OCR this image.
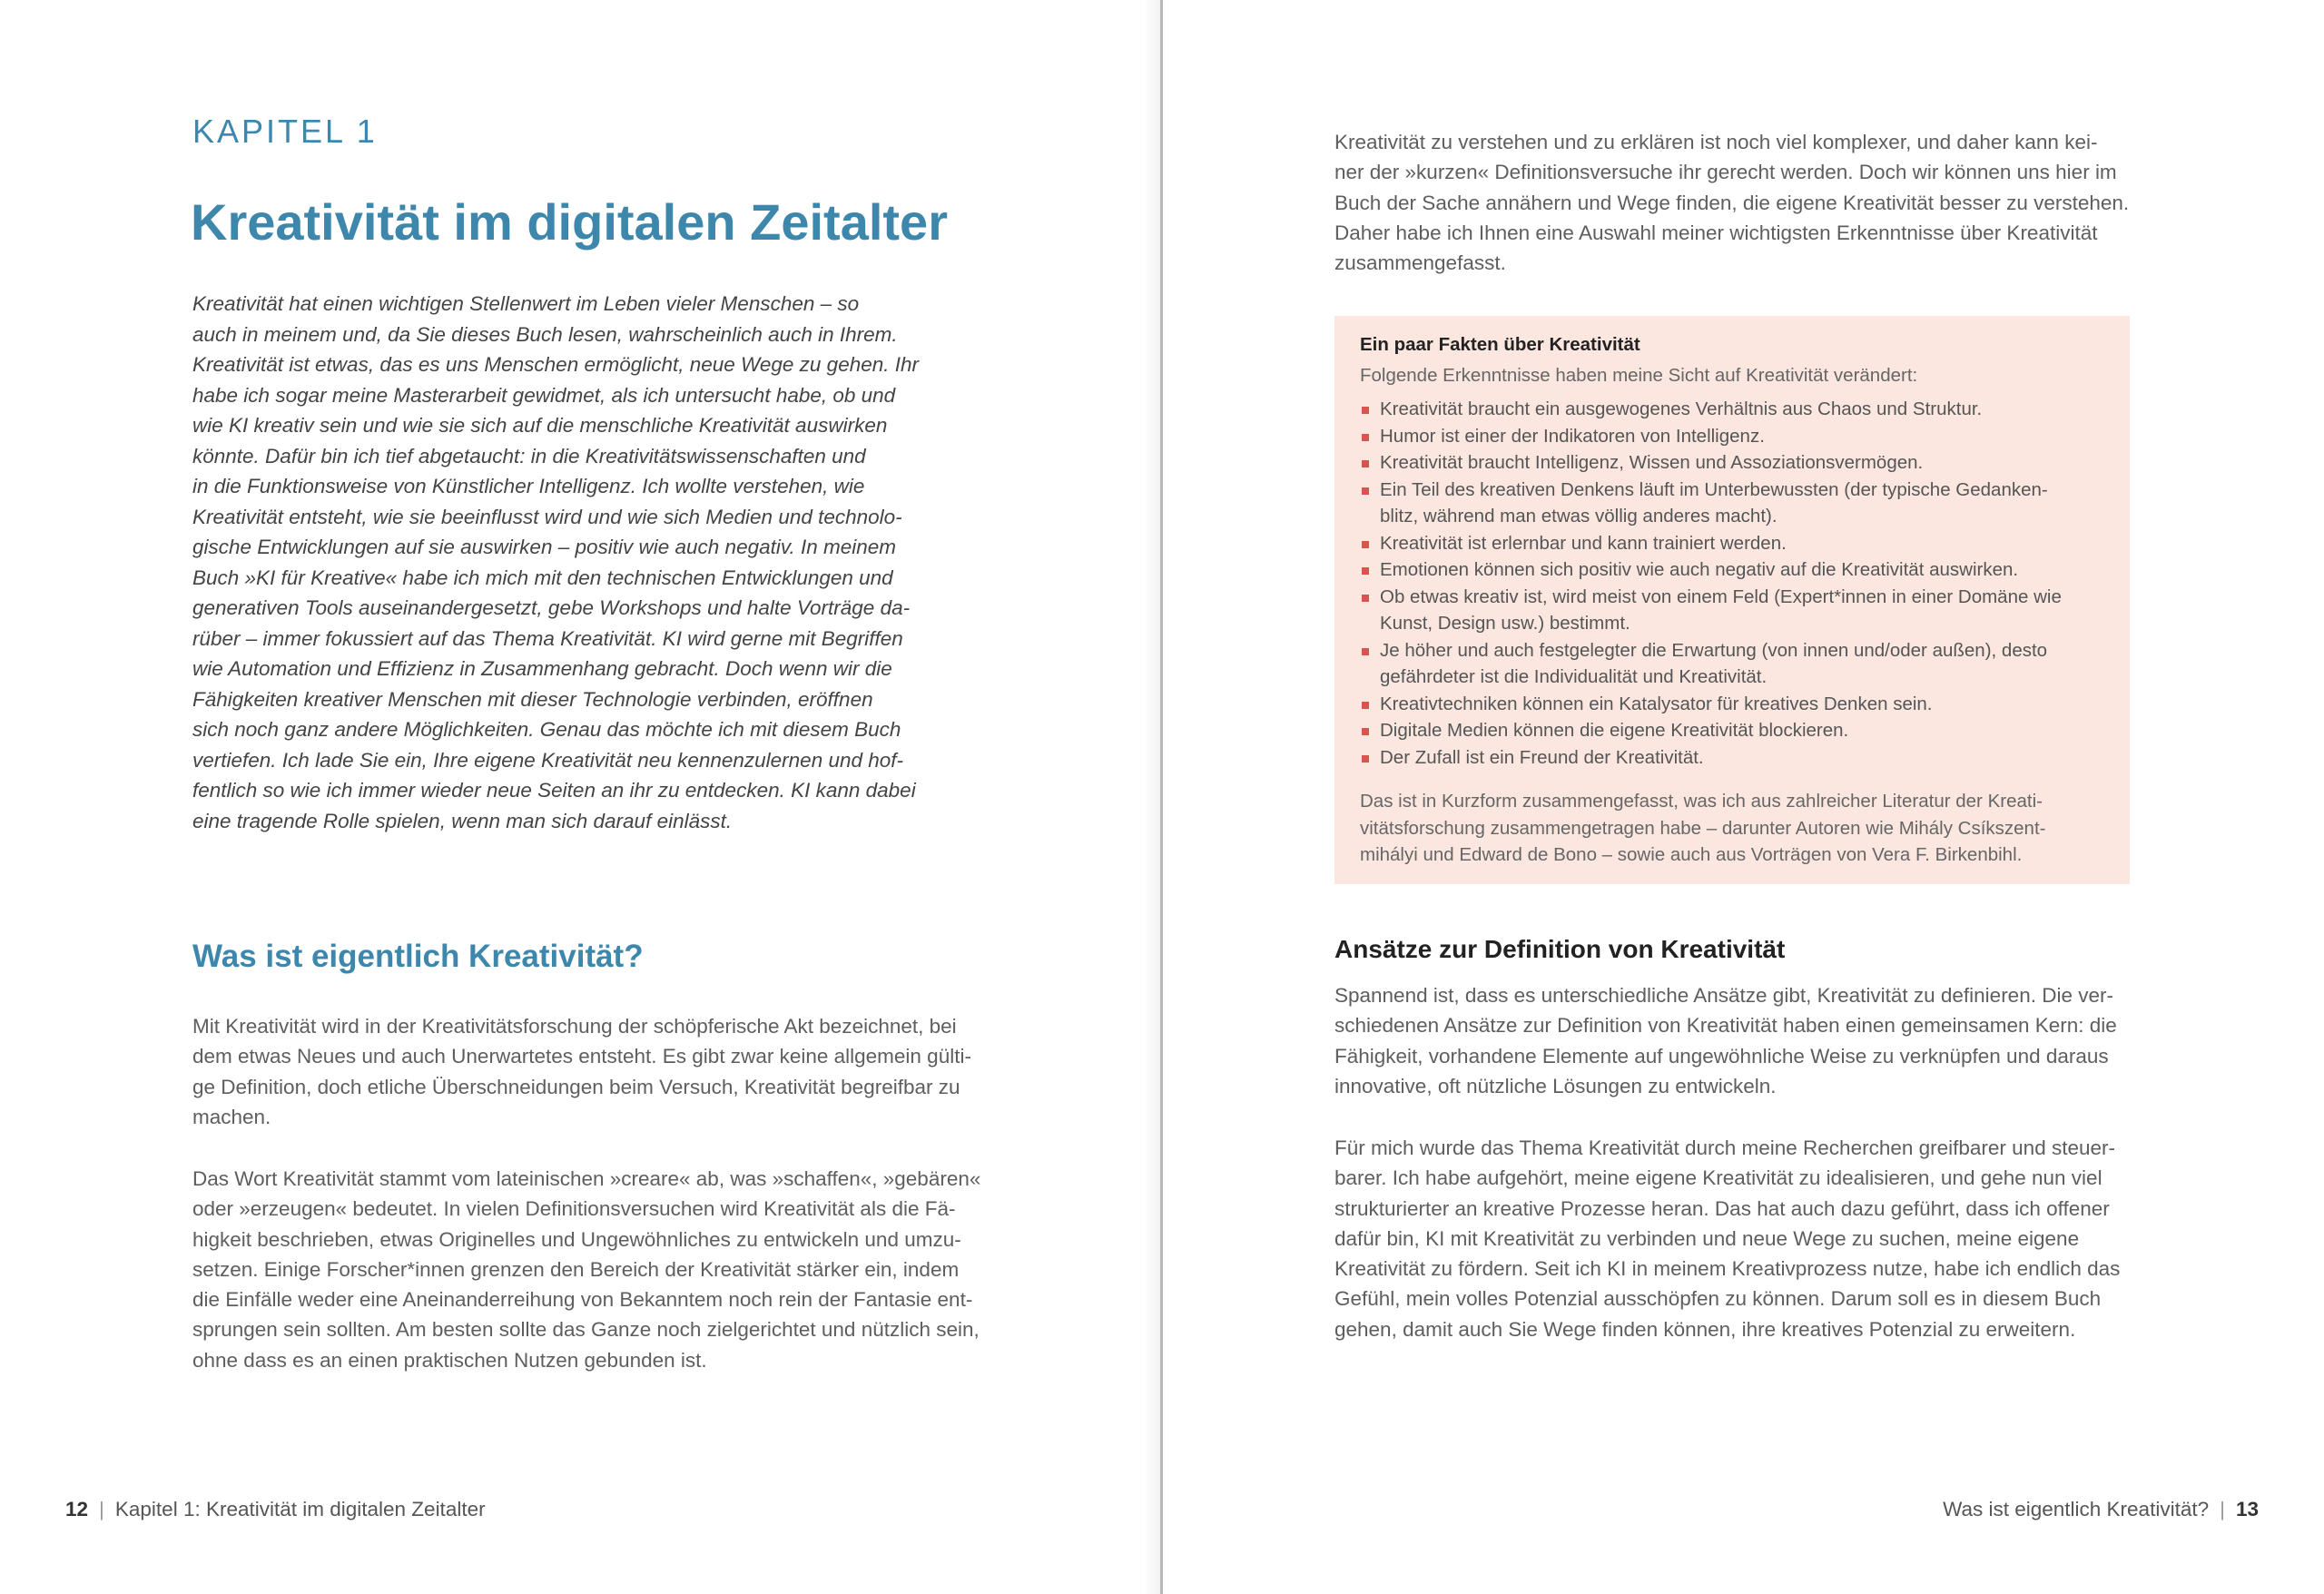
KAPITEL 1
Kreativität im digitalen Zeitalter
Kreativität hat einen wichtigen Stellenwert im Leben vieler Menschen – so
auch in meinem und, da Sie dieses Buch lesen, wahrscheinlich auch in Ihrem.
Kreativität ist etwas, das es uns Menschen ermöglicht, neue Wege zu gehen. Ihr
habe ich sogar meine Masterarbeit gewidmet, als ich untersucht habe, ob und
wie KI kreativ sein und wie sie sich auf die menschliche Kreativität auswirken
könnte. Dafür bin ich tief abgetaucht: in die Kreativitätswissenschaften und
in die Funktionsweise von Künstlicher Intelligenz. Ich wollte verstehen, wie
Kreativität entsteht, wie sie beeinflusst wird und wie sich Medien und technolo-
gische Entwicklungen auf sie auswirken – positiv wie auch negativ. In meinem
Buch »KI für Kreative« habe ich mich mit den technischen Entwicklungen und
generativen Tools auseinandergesetzt, gebe Workshops und halte Vorträge da-
rüber – immer fokussiert auf das Thema Kreativität. KI wird gerne mit Begriffen
wie Automation und Effizienz in Zusammenhang gebracht. Doch wenn wir die
Fähigkeiten kreativer Menschen mit dieser Technologie verbinden, eröffnen
sich noch ganz andere Möglichkeiten. Genau das möchte ich mit diesem Buch
vertiefen. Ich lade Sie ein, Ihre eigene Kreativität neu kennenzulernen und hof-
fentlich so wie ich immer wieder neue Seiten an ihr zu entdecken. KI kann dabei
eine tragende Rolle spielen, wenn man sich darauf einlässt.
Was ist eigentlich Kreativität?
Mit Kreativität wird in der Kreativitätsforschung der schöpferische Akt bezeichnet, bei
dem etwas Neues und auch Unerwartetes entsteht. Es gibt zwar keine allgemein gülti-
ge Definition, doch etliche Überschneidungen beim Versuch, Kreativität begreifbar zu
machen.
Das Wort Kreativität stammt vom lateinischen »creare« ab, was »schaffen«, »gebären«
oder »erzeugen« bedeutet. In vielen Definitionsversuchen wird Kreativität als die Fä-
higkeit beschrieben, etwas Originelles und Ungewöhnliches zu entwickeln und umzu-
setzen. Einige Forscher*innen grenzen den Bereich der Kreativität stärker ein, indem
die Einfälle weder eine Aneinanderreihung von Bekanntem noch rein der Fantasie ent-
sprungen sein sollten. Am besten sollte das Ganze noch zielgerichtet und nützlich sein,
ohne dass es an einen praktischen Nutzen gebunden ist.
12 | Kapitel 1: Kreativität im digitalen Zeitalter
Kreativität zu verstehen und zu erklären ist noch viel komplexer, und daher kann kei-
ner der »kurzen« Definitionsversuche ihr gerecht werden. Doch wir können uns hier im
Buch der Sache annähern und Wege finden, die eigene Kreativität besser zu verstehen.
Daher habe ich Ihnen eine Auswahl meiner wichtigsten Erkenntnisse über Kreativität
zusammengefasst.
Ein paar Fakten über Kreativität
Folgende Erkenntnisse haben meine Sicht auf Kreativität verändert:
Kreativität braucht ein ausgewogenes Verhältnis aus Chaos und Struktur.
Humor ist einer der Indikatoren von Intelligenz.
Kreativität braucht Intelligenz, Wissen und Assoziationsvermögen.
Ein Teil des kreativen Denkens läuft im Unterbewussten (der typische Gedanken-
blitz, während man etwas völlig anderes macht).
Kreativität ist erlernbar und kann trainiert werden.
Emotionen können sich positiv wie auch negativ auf die Kreativität auswirken.
Ob etwas kreativ ist, wird meist von einem Feld (Expert*innen in einer Domäne wie
Kunst, Design usw.) bestimmt.
Je höher und auch festgelegter die Erwartung (von innen und/oder außen), desto
gefährdeter ist die Individualität und Kreativität.
Kreativtechniken können ein Katalysator für kreatives Denken sein.
Digitale Medien können die eigene Kreativität blockieren.
Der Zufall ist ein Freund der Kreativität.
Das ist in Kurzform zusammengefasst, was ich aus zahlreicher Literatur der Kreati-
vitätsforschung zusammengetragen habe – darunter Autoren wie Mihály Csíkszent-
mihályi und Edward de Bono – sowie auch aus Vorträgen von Vera F. Birkenbihl.
Ansätze zur Definition von Kreativität
Spannend ist, dass es unterschiedliche Ansätze gibt, Kreativität zu definieren. Die ver-
schiedenen Ansätze zur Definition von Kreativität haben einen gemeinsamen Kern: die
Fähigkeit, vorhandene Elemente auf ungewöhnliche Weise zu verknüpfen und daraus
innovative, oft nützliche Lösungen zu entwickeln.
Für mich wurde das Thema Kreativität durch meine Recherchen greifbarer und steuer-
barer. Ich habe aufgehört, meine eigene Kreativität zu idealisieren, und gehe nun viel
strukturierter an kreative Prozesse heran. Das hat auch dazu geführt, dass ich offener
dafür bin, KI mit Kreativität zu verbinden und neue Wege zu suchen, meine eigene
Kreativität zu fördern. Seit ich KI in meinem Kreativprozess nutze, habe ich endlich das
Gefühl, mein volles Potenzial ausschöpfen zu können. Darum soll es in diesem Buch
gehen, damit auch Sie Wege finden können, ihre kreatives Potenzial zu erweitern.
Was ist eigentlich Kreativität? | 13
